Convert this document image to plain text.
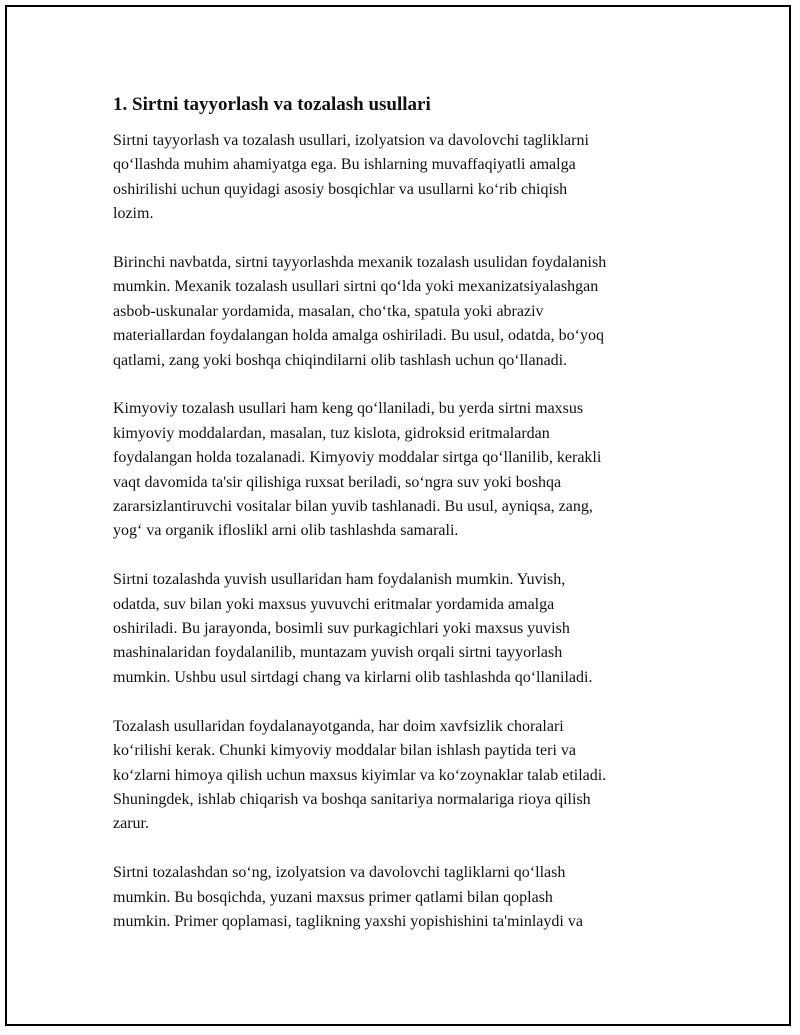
1. Sirtni tayyorlash va tozalash usullari
Sirtni tayyorlash va tozalash usullari, izolyatsion va davolovchi tagliklarni
qo‘llashda muhim ahamiyatga ega. Bu ishlarning muvaffaqiyatli amalga
oshirilishi uchun quyidagi asosiy bosqichlar va usullarni ko‘rib chiqish
lozim.
Birinchi navbatda, sirtni tayyorlashda mexanik tozalash usulidan foydalanish
mumkin. Mexanik tozalash usullari sirtni qo‘lda yoki mexanizatsiyalashgan
asbob-uskunalar yordamida, masalan, cho‘tka, spatula yoki abraziv
materiallardan foydalangan holda amalga oshiriladi. Bu usul, odatda, bo‘yoq
qatlami, zang yoki boshqa chiqindilarni olib tashlash uchun qo‘llanadi.
Kimyoviy tozalash usullari ham keng qo‘llaniladi, bu yerda sirtni maxsus
kimyoviy moddalardan, masalan, tuz kislota, gidroksid eritmalardan
foydalangan holda tozalanadi. Kimyoviy moddalar sirtga qo‘llanilib, kerakli
vaqt davomida ta'sir qilishiga ruxsat beriladi, so‘ngra suv yoki boshqa
zararsizlantiruvchi vositalar bilan yuvib tashlanadi. Bu usul, ayniqsa, zang,
yog‘ va organik ifloslikl arni olib tashlashda samarali.
Sirtni tozalashda yuvish usullaridan ham foydalanish mumkin. Yuvish,
odatda, suv bilan yoki maxsus yuvuvchi eritmalar yordamida amalga
oshiriladi. Bu jarayonda, bosimli suv purkagichlari yoki maxsus yuvish
mashinalaridan foydalanilib, muntazam yuvish orqali sirtni tayyorlash
mumkin. Ushbu usul sirtdagi chang va kirlarni olib tashlashda qo‘llaniladi.
Tozalash usullaridan foydalanayotganda, har doim xavfsizlik choralari
ko‘rilishi kerak. Chunki kimyoviy moddalar bilan ishlash paytida teri va
ko‘zlarni himoya qilish uchun maxsus kiyimlar va ko‘zoynaklar talab etiladi.
Shuningdek, ishlab chiqarish va boshqa sanitariya normalariga rioya qilish
zarur.
Sirtni tozalashdan so‘ng, izolyatsion va davolovchi tagliklarni qo‘llash
mumkin. Bu bosqichda, yuzani maxsus primer qatlami bilan qoplash
mumkin. Primer qoplamasi, taglikning yaxshi yopishishini ta'minlaydi va
